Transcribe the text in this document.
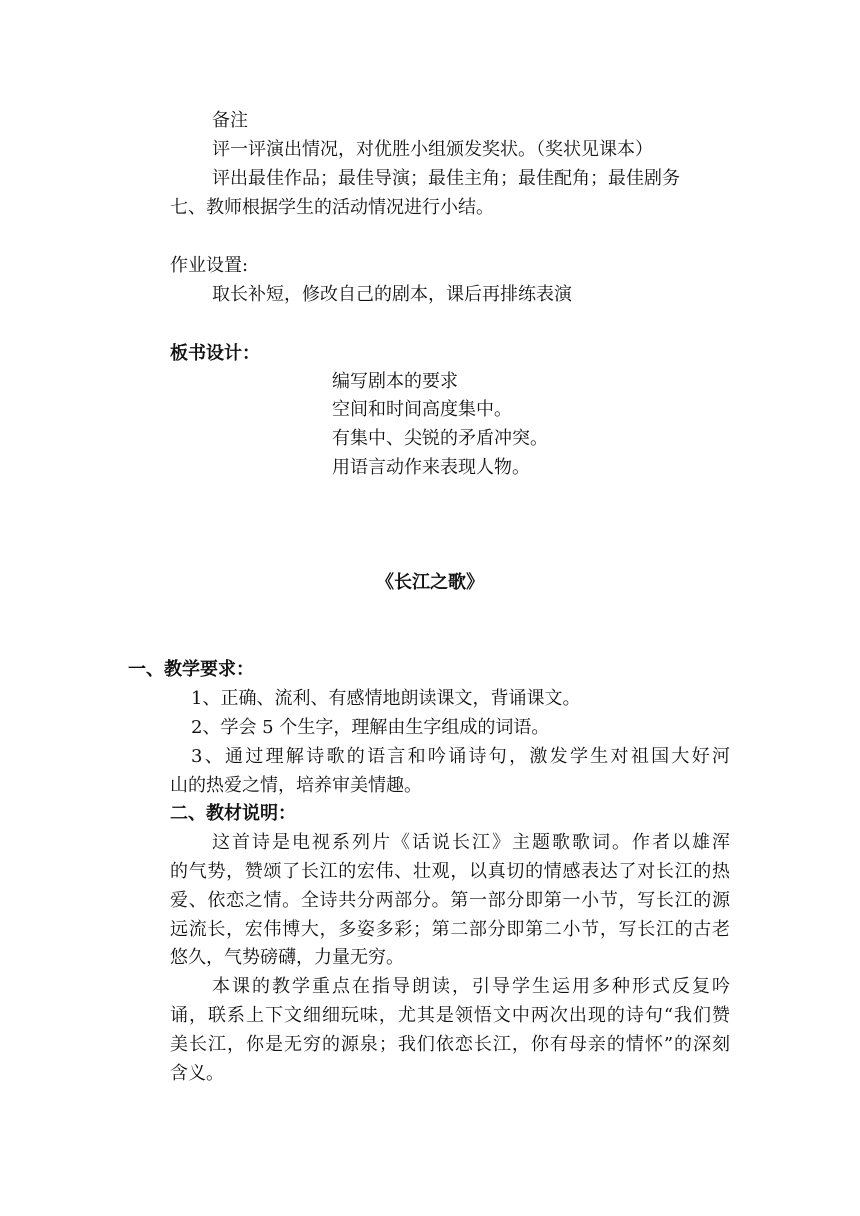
备注
评一评演出情况，对优胜小组颁发奖状。（奖状见课本）
评出最佳作品；最佳导演；最佳主角；最佳配角；最佳剧务
七、教师根据学生的活动情况进行小结。
作业设置:
取长补短，修改自己的剧本，课后再排练表演
板书设计：
编写剧本的要求
空间和时间高度集中。
有集中、尖锐的矛盾冲突。
用语言动作来表现人物。
《长江之歌》
一、教学要求：
1、正确、流利、有感情地朗读课文，背诵课文。
2、学会 5 个生字，理解由生字组成的词语。
3、通过理解诗歌的语言和吟诵诗句，激发学生对祖国大好河
山的热爱之情，培养审美情趣。
二、教材说明：
这首诗是电视系列片《话说长江》主题歌歌词。作者以雄浑
的气势，赞颂了长江的宏伟、壮观，以真切的情感表达了对长江的热
爱、依恋之情。全诗共分两部分。第一部分即第一小节，写长江的源
远流长，宏伟博大，多姿多彩；第二部分即第二小节，写长江的古老
悠久，气势磅礴，力量无穷。
本课的教学重点在指导朗读，引导学生运用多种形式反复吟
诵，联系上下文细细玩味，尤其是领悟文中两次出现的诗句“我们赞
美长江，你是无穷的源泉；我们依恋长江，你有母亲的情怀”的深刻
含义。
